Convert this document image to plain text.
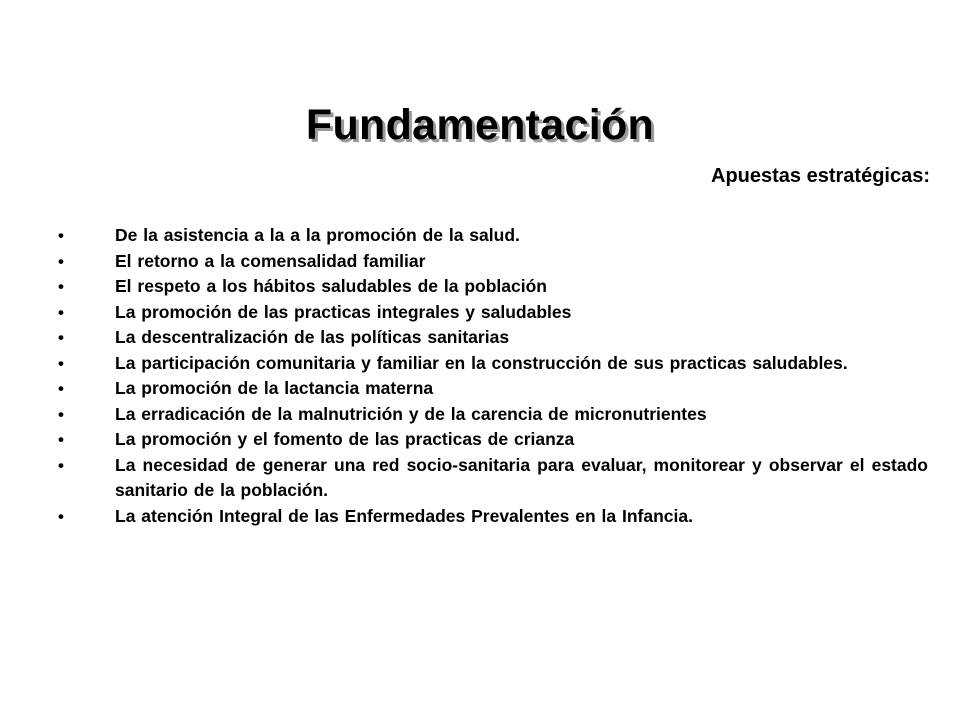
Fundamentación

Apuestas estratégicas:

•	De la asistencia a la a la promoción de la salud.
•	El retorno a la comensalidad familiar
•	El respeto a los hábitos saludables de la población
•	La promoción de las practicas integrales y saludables
•	La descentralización de las políticas sanitarias
•	La participación comunitaria y familiar en la construcción de sus practicas saludables.
•	La promoción de la lactancia materna
•	La erradicación de la malnutrición y de la carencia de micronutrientes
•	La promoción y el fomento de las practicas de crianza
•	La necesidad de generar una red socio-sanitaria para evaluar, monitorear y observar el estado sanitario de la población.
•	La atención Integral de las Enfermedades Prevalentes en la Infancia.
